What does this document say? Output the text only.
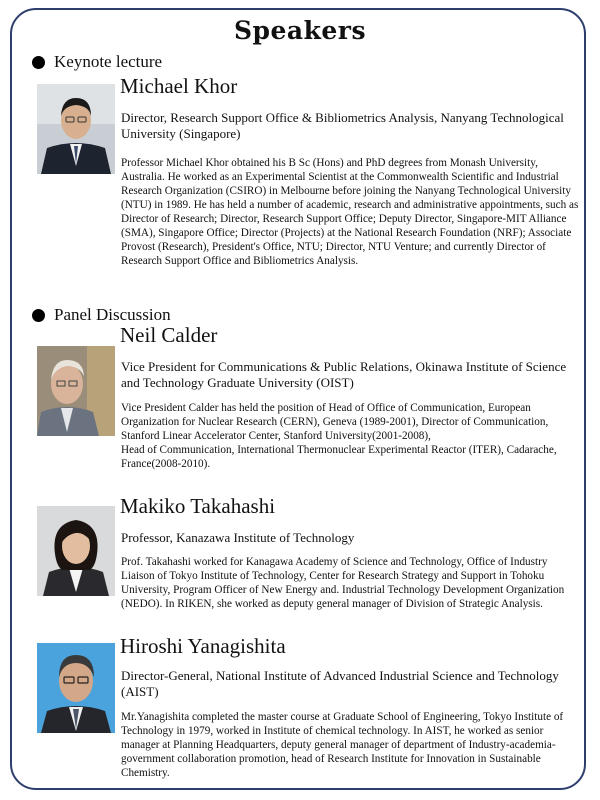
Speakers
Keynote lecture
Michael Khor
Director, Research Support Office & Bibliometrics Analysis, Nanyang Technological University (Singapore)
Professor Michael Khor obtained his B Sc (Hons) and PhD degrees from Monash University, Australia. He worked as an Experimental Scientist at the Commonwealth Scientific and Industrial Research Organization (CSIRO) in Melbourne before joining the Nanyang Technological University (NTU) in 1989. He has held a number of academic, research and administrative appointments, such as Director of Research; Director, Research Support Office; Deputy Director, Singapore-MIT Alliance (SMA), Singapore Office; Director (Projects) at the National Research Foundation (NRF); Associate Provost (Research), President's Office, NTU; Director, NTU Venture; and currently Director of Research Support Office and Bibliometrics Analysis.
Panel Discussion
Neil Calder
Vice President for Communications & Public Relations, Okinawa Institute of Science and Technology Graduate University (OIST)
Vice President Calder has held the position of Head of Office of Communication, European Organization for Nuclear Research (CERN), Geneva (1989-2001), Director of Communication, Stanford Linear Accelerator Center, Stanford University(2001-2008),
Head of Communication, International Thermonuclear Experimental Reactor (ITER), Cadarache, France(2008-2010).
Makiko Takahashi
Professor, Kanazawa Institute of Technology
Prof. Takahashi worked for Kanagawa Academy of Science and Technology, Office of Industry Liaison of Tokyo Institute of Technology, Center for Research Strategy and Support in Tohoku University, Program Officer of New Energy and. Industrial Technology Development Organization (NEDO). In RIKEN, she worked as deputy general manager of Division of Strategic Analysis.
Hiroshi Yanagishita
Director-General, National Institute of Advanced Industrial Science and Technology (AIST)
Mr.Yanagishita completed the master course at Graduate School of Engineering, Tokyo Institute of Technology in 1979, worked in Institute of chemical technology. In AIST, he worked as senior manager at Planning Headquarters, deputy general manager of department of Industry-academia-government collaboration promotion, head of Research Institute for Innovation in Sustainable Chemistry.
